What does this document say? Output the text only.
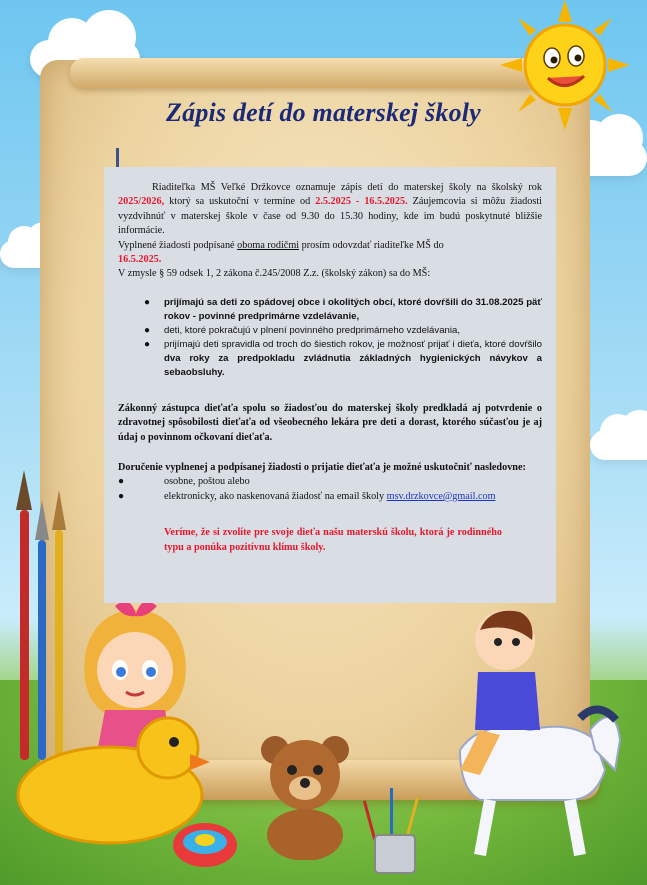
Zápis detí do materskej školy

Riaditeľka MŠ Veľké Držkovce oznamuje zápis detí do materskej školy na školský rok 2025/2026, ktorý sa uskutoční v termíne od 2.5.2025 - 16.5.2025. Záujemcovia si môžu žiadosti vyzdvihnúť v materskej škole v čase od 9.30 do 15.30 hodiny, kde im budú poskytnuté bližšie informácie.

Vyplnené žiadosti podpísané obomа rodičmi prosím odovzdať riaditeľke MŠ do
16.5.2025.

V zmysle § 59 odsek 1, 2 zákona č.245/2008 Z.z. (školský zákon) sa do MŠ:

● prijímajú sa deti zo spádovej obce i okolitých obcí, ktoré dovŕšili do 31.08.2025 päť rokov - povinné predprimárne vzdelávanie,
● deti, ktoré pokračujú v plnení povinného predprimárneho vzdelávania,
● prijímajú deti spravidla od troch do šiestich rokov, je možnosť prijať i dieťa, ktoré dovŕšilo dva roky za predpokladu zvládnutia základných hygienických návykov a sebaobsluhy.

Zákonný zástupca dieťaťa spolu so žiadosťou do materskej školy predkladá aj potvrdenie o zdravotnej spôsobilosti dieťaťa od všeobecného lekára pre deti a dorast, ktorého súčasťou je aj údaj o povinnom očkovaní dieťaťa.

Doručenie vyplnenej a podpísanej žiadosti o prijatie dieťaťa je možné uskutočniť nasledovne:

●	osobne, poštou alebo
●	elektronicky, ako naskenovaná žiadosť na email školy msv.drzkovce@gmail.com

Veríme, že si zvolíte pre svoje dieťa našu materskú školu, ktorá je rodinného typu a ponúka pozitívnu klímu školy.
